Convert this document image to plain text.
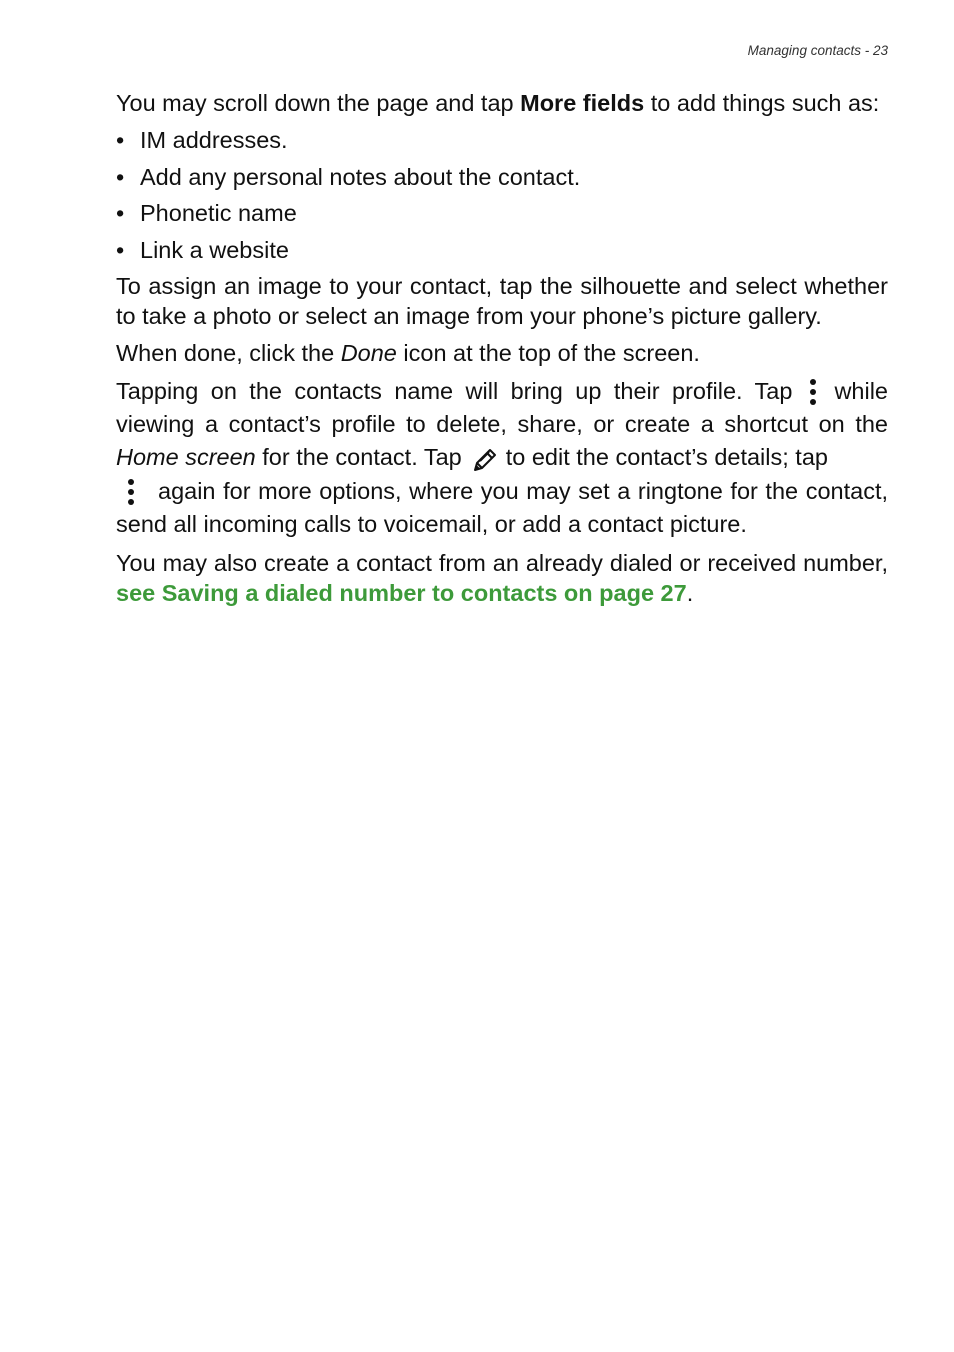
Managing contacts - 23

You may scroll down the page and tap More fields to add things such as:

• IM addresses.
• Add any personal notes about the contact.
• Phonetic name
• Link a website

To assign an image to your contact, tap the silhouette and select whether to take a photo or select an image from your phone’s picture gallery.

When done, click the Done icon at the top of the screen.

Tapping on the contacts name will bring up their profile. Tap while viewing a contact’s profile to delete, share, or create a shortcut on the Home screen for the contact. Tap to edit the contact’s details; tap
again for more options, where you may set a ringtone for the contact, send all incoming calls to voicemail, or add a contact picture.

You may also create a contact from an already dialed or received number, see Saving a dialed number to contacts on page 27.
